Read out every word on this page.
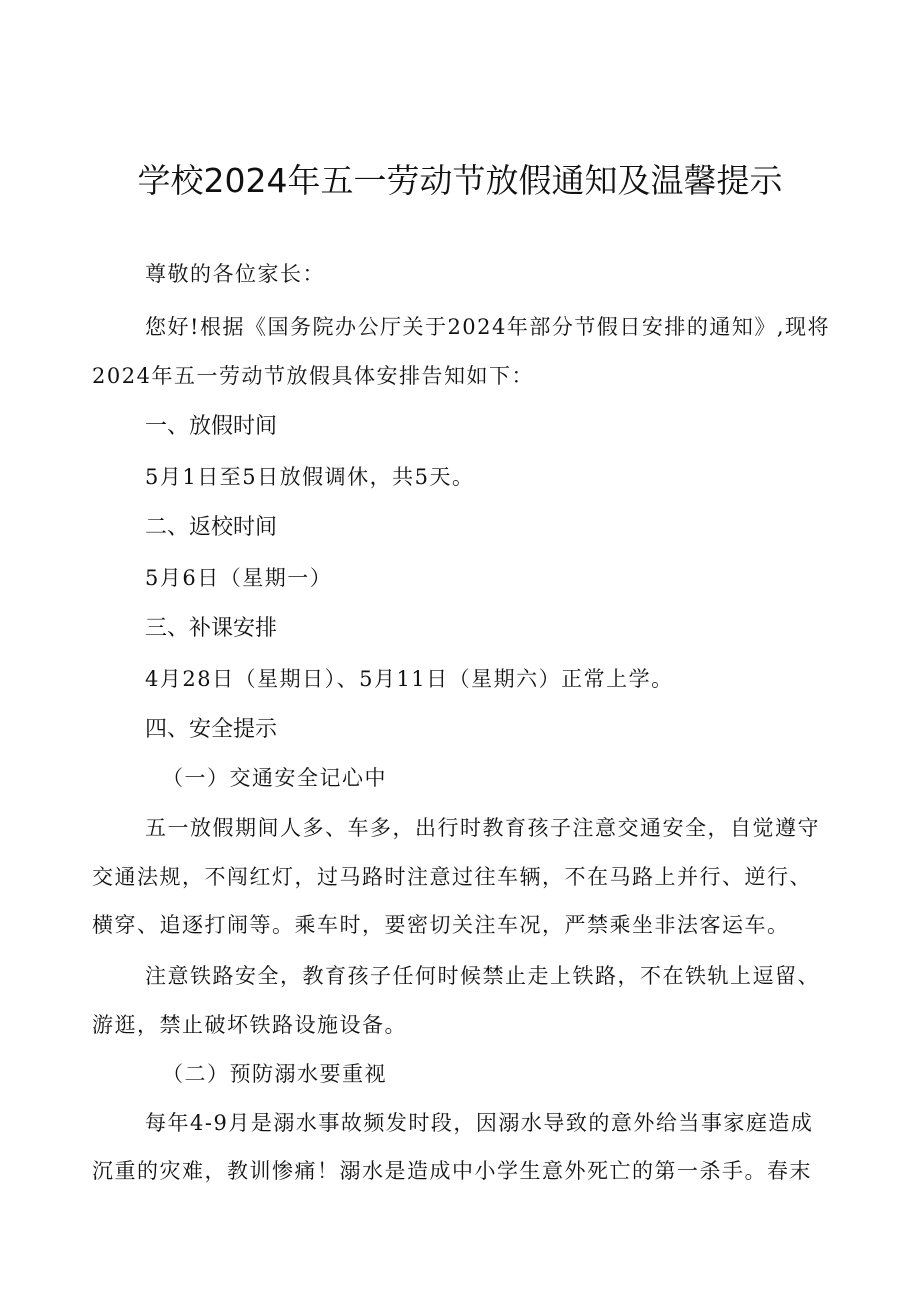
学校2024年五一劳动节放假通知及温馨提示
尊敬的各位家长：
您好!根据《国务院办公厅关于2024年部分节假日安排的通知》,现将
2024年五一劳动节放假具体安排告知如下：
一、放假时间
5月1日至5日放假调休，共5天。
二、返校时间
5月6日（星期一）
三、补课安排
4月28日（星期日）、5月11日（星期六）正常上学。
四、安全提示
（一）交通安全记心中
五一放假期间人多、车多，出行时教育孩子注意交通安全，自觉遵守
交通法规，不闯红灯，过马路时注意过往车辆，不在马路上并行、逆行、
横穿、追逐打闹等。乘车时，要密切关注车况，严禁乘坐非法客运车。
注意铁路安全，教育孩子任何时候禁止走上铁路，不在铁轨上逗留、
游逛，禁止破坏铁路设施设备。
（二）预防溺水要重视
每年4-9月是溺水事故频发时段，因溺水导致的意外给当事家庭造成
沉重的灾难，教训惨痛！溺水是造成中小学生意外死亡的第一杀手。春末
